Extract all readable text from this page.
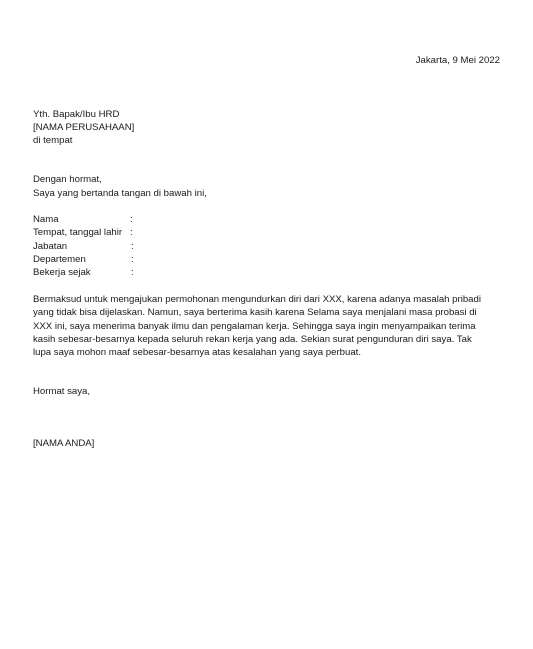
Jakarta, 9 Mei 2022
Yth. Bapak/Ibu HRD
[NAMA PERUSAHAAN]
di tempat
Dengan hormat,
Saya yang bertanda tangan di bawah ini,
Nama	:
Tempat, tanggal lahir :
Jabatan	:
Departemen	:
Bekerja sejak	:
Bermaksud untuk mengajukan permohonan mengundurkan diri dari XXX, karena adanya masalah pribadi
yang tidak bisa dijelaskan. Namun, saya berterima kasih karena Selama saya menjalani masa probasi di
XXX ini, saya menerima banyak ilmu dan pengalaman kerja. Sehingga saya ingin menyampaikan terima
kasih sebesar-besarnya kepada seluruh rekan kerja yang ada. Sekian surat pengunduran diri saya. Tak
lupa saya mohon maaf sebesar-besarnya atas kesalahan yang saya perbuat.
Hormat saya,
[NAMA ANDA]
